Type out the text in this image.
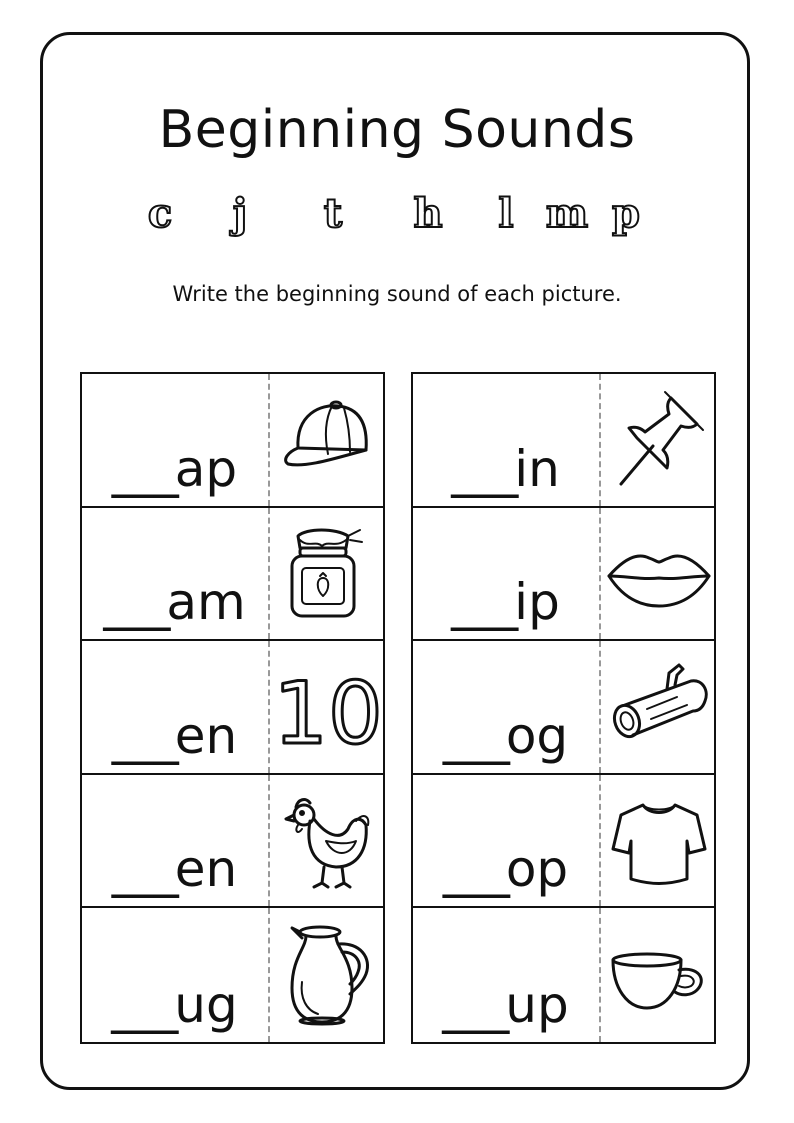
Beginning Sounds
c	j	t	h	l m p
Write the beginning sound of each picture.
___ap
___am
___en 10
___en
___ug
___in
___ip
___og
___op
___up
